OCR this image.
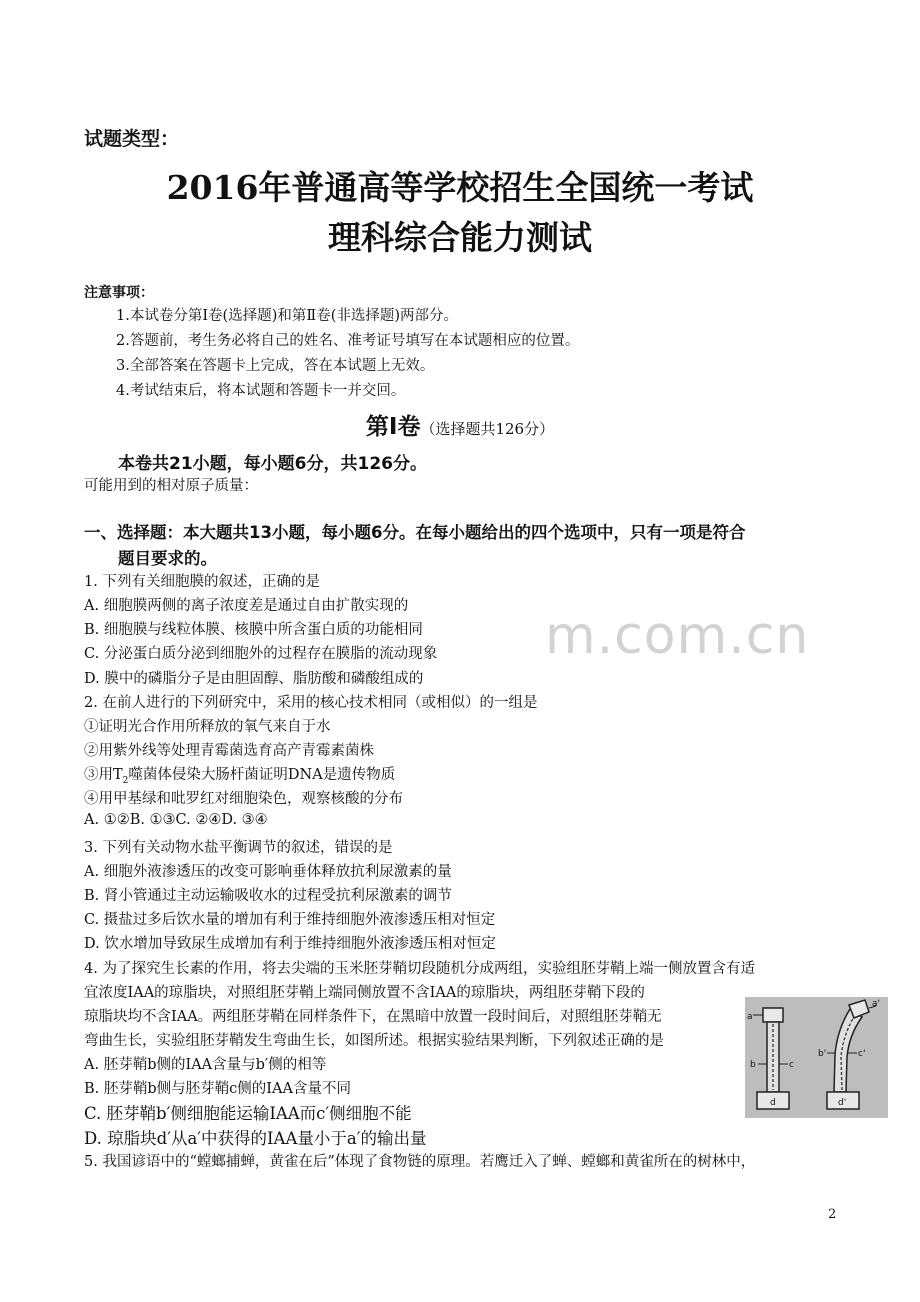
试题类型：
2016年普通高等学校招生全国统一考试
理科综合能力测试
注意事项：
1.本试卷分第Ⅰ卷(选择题)和第Ⅱ卷(非选择题)两部分。
2.答题前，考生务必将自己的姓名、准考证号填写在本试题相应的位置。
3.全部答案在答题卡上完成，答在本试题上无效。
4.考试结束后，将本试题和答题卡一并交回。
第Ⅰ卷（选择题共126分）
本卷共21小题，每小题6分，共126分。
可能用到的相对原子质量：
一、选择题：本大题共13小题，每小题6分。在每小题给出的四个选项中，只有一项是符合
题目要求的。
1. 下列有关细胞膜的叙述，正确的是
A. 细胞膜两侧的离子浓度差是通过自由扩散实现的
B. 细胞膜与线粒体膜、核膜中所含蛋白质的功能相同
C. 分泌蛋白质分泌到细胞外的过程存在膜脂的流动现象
D. 膜中的磷脂分子是由胆固醇、脂肪酸和磷酸组成的
2. 在前人进行的下列研究中，采用的核心技术相同（或相似）的一组是
①证明光合作用所释放的氧气来自于水
②用紫外线等处理青霉菌选育高产青霉素菌株
③用$T_2$噬菌体侵染大肠杆菌证明DNA是遗传物质
④用甲基绿和吡罗红对细胞染色，观察核酸的分布
A. ①②B. ①③C. ②④D. ③④
3. 下列有关动物水盐平衡调节的叙述，错误的是
A. 细胞外液渗透压的改变可影响垂体释放抗利尿激素的量
B. 肾小管通过主动运输吸收水的过程受抗利尿激素的调节
C. 摄盐过多后饮水量的增加有利于维持细胞外液渗透压相对恒定
D. 饮水增加导致尿生成增加有利于维持细胞外液渗透压相对恒定
4. 为了探究生长素的作用，将去尖端的玉米胚芽鞘切段随机分成两组，实验组胚芽鞘上端一侧放置含有适
宜浓度IAA的琼脂块，对照组胚芽鞘上端同侧放置不含IAA的琼脂块，两组胚芽鞘下段的
琼脂块均不含IAA。两组胚芽鞘在同样条件下，在黑暗中放置一段时间后，对照组胚芽鞘无
弯曲生长，实验组胚芽鞘发生弯曲生长，如图所述。根据实验结果判断，下列叙述正确的是
A. 胚芽鞘b侧的IAA含量与b′侧的相等
B. 胚芽鞘b侧与胚芽鞘c侧的IAA含量不同
C. 胚芽鞘b′侧细胞能运输IAA而c′侧细胞不能
D. 琼脂块d′从a′中获得的IAA量小于a′的输出量
5. 我国谚语中的“螳螂捕蝉，黄雀在后”体现了食物链的原理。若鹰迁入了蝉、螳螂和黄雀所在的树林中，
a
b	c
d
a'
b'	c'
d'
m.com.cn
2
